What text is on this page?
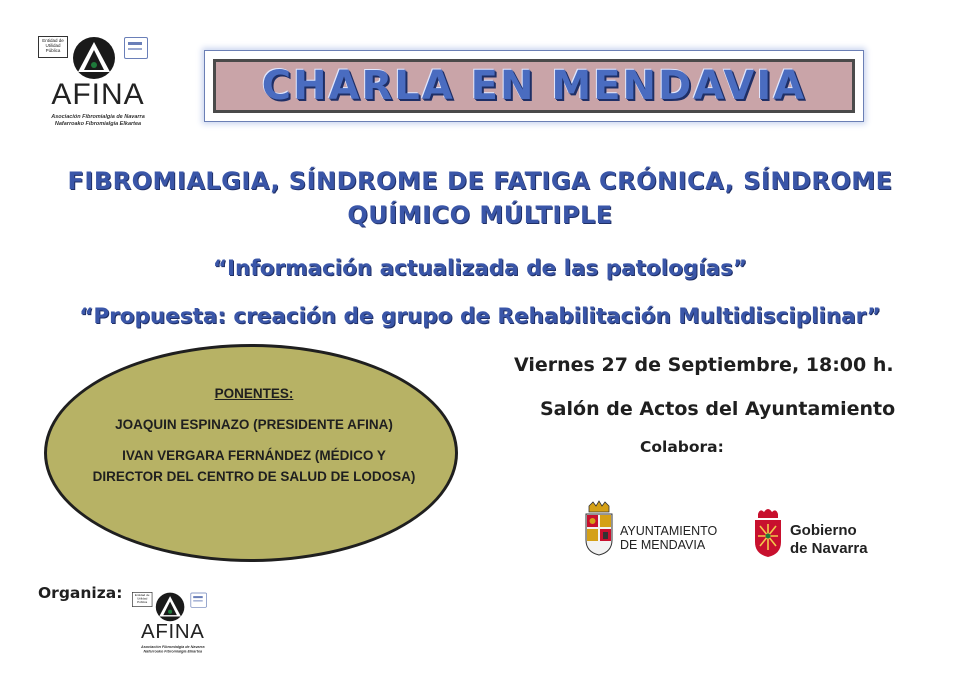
Entidad de Utilidad Pública
AFINA
Asociación Fibromialgia de Navarra
Nafarroako Fibromialgia Elkartea
CHARLA EN MENDAVIA
FIBROMIALGIA, SÍNDROME DE FATIGA CRÓNICA, SÍNDROME
QUÍMICO MÚLTIPLE
“Información actualizada de las patologías”
“Propuesta: creación de grupo de Rehabilitación Multidisciplinar”
Viernes 27 de Septiembre, 18:00 h.
Salón de Actos del Ayuntamiento
Colabora:
PONENTES:

JOAQUIN ESPINAZO (PRESIDENTE AFINA)

IVAN VERGARA FERNÁNDEZ (MÉDICO Y DIRECTOR DEL CENTRO DE SALUD DE LODOSA)

AYUNTAMIENTO
DE MENDAVIA
Gobierno
de Navarra
Organiza:	Entidad de Utilidad Pública
AFINA
Asociación Fibromialgia de Navarra
Nafarroako Fibromialgia Elkartea
